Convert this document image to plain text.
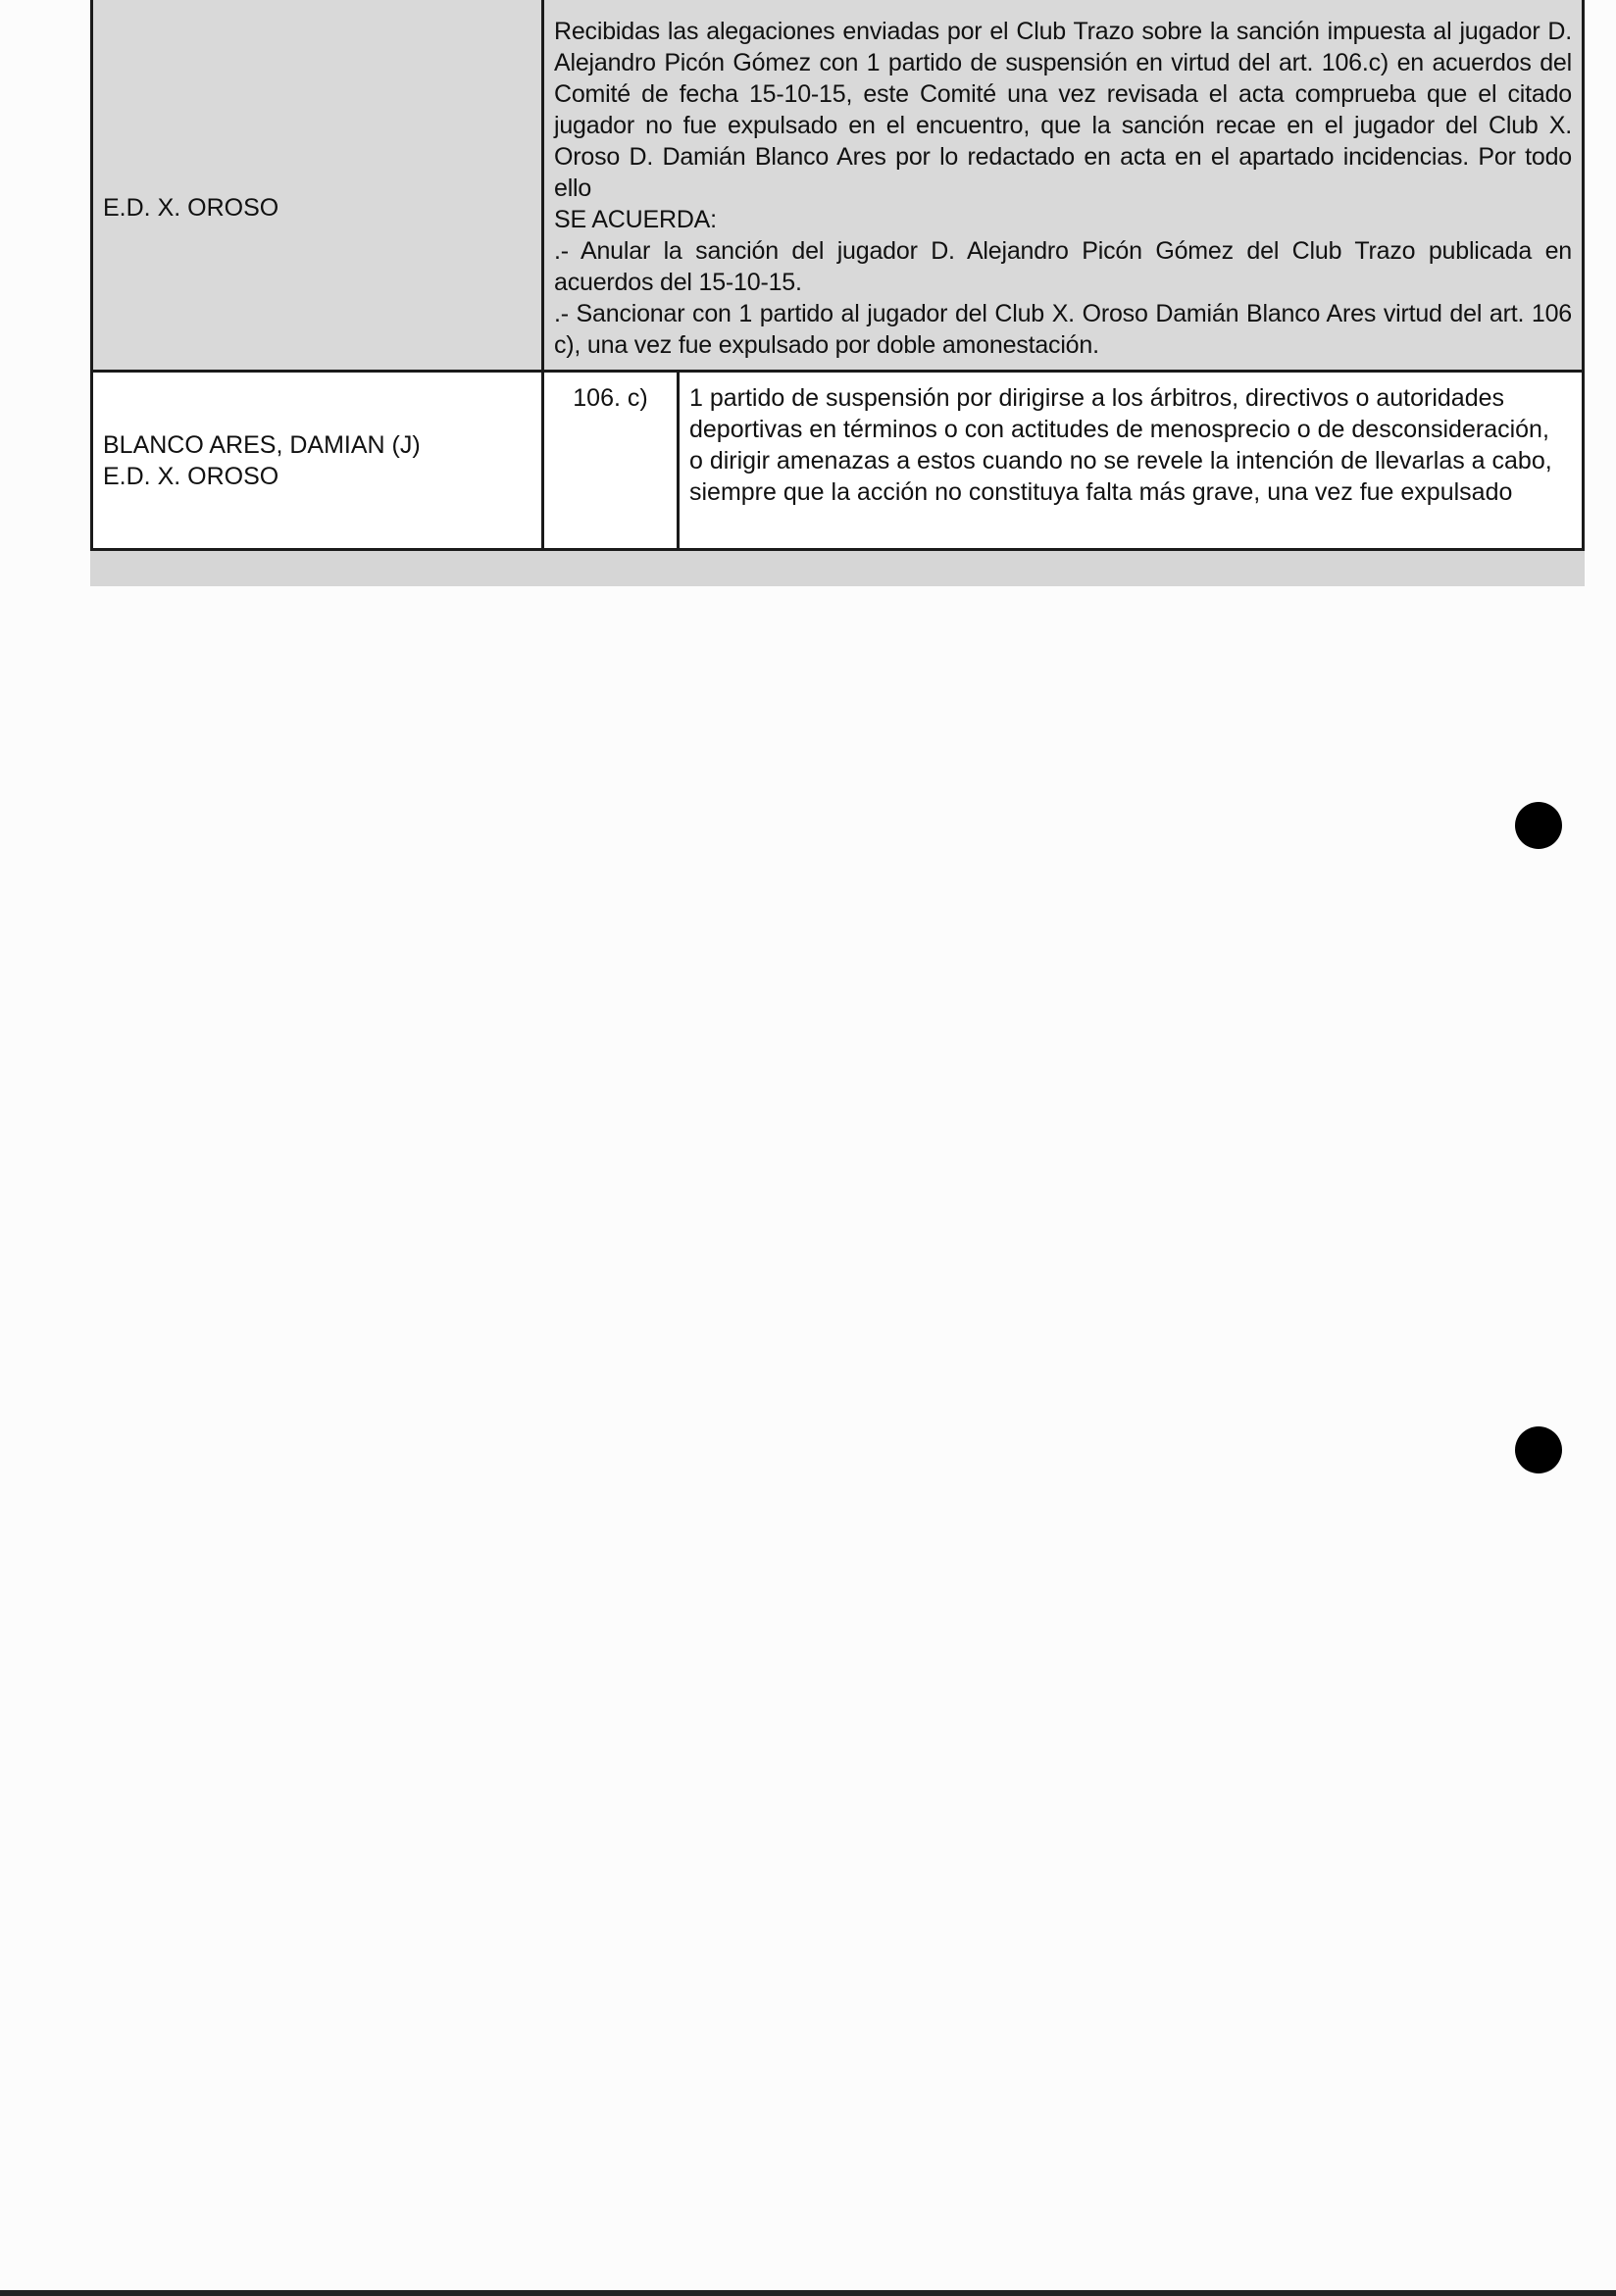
E.D. X. OROSO

Recibidas las alegaciones enviadas por el Club Trazo sobre la sanción impuesta al jugador D. Alejandro Picón Gómez con 1 partido de suspensión en virtud del art. 106.c) en acuerdos del Comité de fecha 15-10-15, este Comité una vez revisada el acta comprueba que el citado jugador no fue expulsado en el encuentro, que la sanción recae en el jugador del Club X. Oroso D. Damián Blanco Ares por lo redactado en acta en el apartado incidencias. Por todo ello

SE ACUERDA:

.- Anular la sanción del jugador D. Alejandro Picón Gómez del Club Trazo publicada en acuerdos del 15-10-15.

.- Sancionar con 1 partido al jugador del Club X. Oroso Damián Blanco Ares virtud del art. 106 c), una vez fue expulsado por doble amonestación.

BLANCO ARES, DAMIAN (J)
E.D. X. OROSO
106. c)	1 partido de suspensión por dirigirse a los árbitros, directivos o autoridades deportivas en términos o con actitudes de menosprecio o de desconsideración, o dirigir amenazas a estos cuando no se revele la intención de llevarlas a cabo, siempre que la acción no constituya falta más grave, una vez fue expulsado
